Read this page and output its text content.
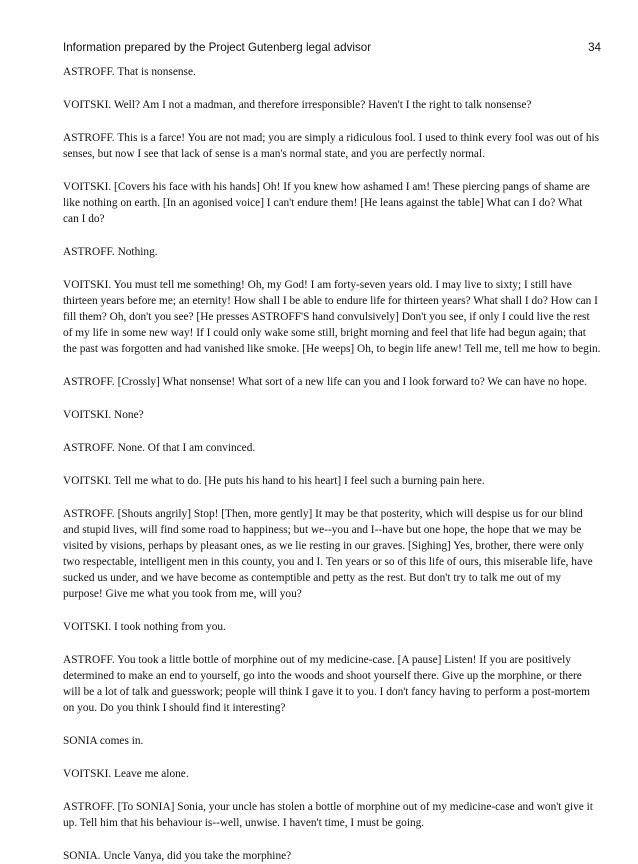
Information prepared by the Project Gutenberg legal advisor	34

ASTROFF. That is nonsense.

VOITSKI. Well? Am I not a madman, and therefore irresponsible? Haven't I the right to talk nonsense?

ASTROFF. This is a farce! You are not mad; you are simply a ridiculous fool. I used to think every fool was out of his senses, but now I see that lack of sense is a man's normal state, and you are perfectly normal.

VOITSKI. [Covers his face with his hands] Oh! If you knew how ashamed I am! These piercing pangs of shame are like nothing on earth. [In an agonised voice] I can't endure them! [He leans against the table] What can I do? What can I do?

ASTROFF. Nothing.

VOITSKI. You must tell me something! Oh, my God! I am forty-seven years old. I may live to sixty; I still have thirteen years before me; an eternity! How shall I be able to endure life for thirteen years? What shall I do? How can I fill them? Oh, don't you see? [He presses ASTROFF'S hand convulsively] Don't you see, if only I could live the rest of my life in some new way! If I could only wake some still, bright morning and feel that life had begun again; that the past was forgotten and had vanished like smoke. [He weeps] Oh, to begin life anew! Tell me, tell me how to begin.

ASTROFF. [Crossly] What nonsense! What sort of a new life can you and I look forward to? We can have no hope.

VOITSKI. None?

ASTROFF. None. Of that I am convinced.

VOITSKI. Tell me what to do. [He puts his hand to his heart] I feel such a burning pain here.

ASTROFF. [Shouts angrily] Stop! [Then, more gently] It may be that posterity, which will despise us for our blind and stupid lives, will find some road to happiness; but we--you and I--have but one hope, the hope that we may be visited by visions, perhaps by pleasant ones, as we lie resting in our graves. [Sighing] Yes, brother, there were only two respectable, intelligent men in this county, you and I. Ten years or so of this life of ours, this miserable life, have sucked us under, and we have become as contemptible and petty as the rest. But don't try to talk me out of my purpose! Give me what you took from me, will you?

VOITSKI. I took nothing from you.

ASTROFF. You took a little bottle of morphine out of my medicine-case. [A pause] Listen! If you are positively determined to make an end to yourself, go into the woods and shoot yourself there. Give up the morphine, or there will be a lot of talk and guesswork; people will think I gave it to you. I don't fancy having to perform a post-mortem on you. Do you think I should find it interesting?

SONIA comes in.

VOITSKI. Leave me alone.

ASTROFF. [To SONIA] Sonia, your uncle has stolen a bottle of morphine out of my medicine-case and won't give it up. Tell him that his behaviour is--well, unwise. I haven't time, I must be going.

SONIA. Uncle Vanya, did you take the morphine?
